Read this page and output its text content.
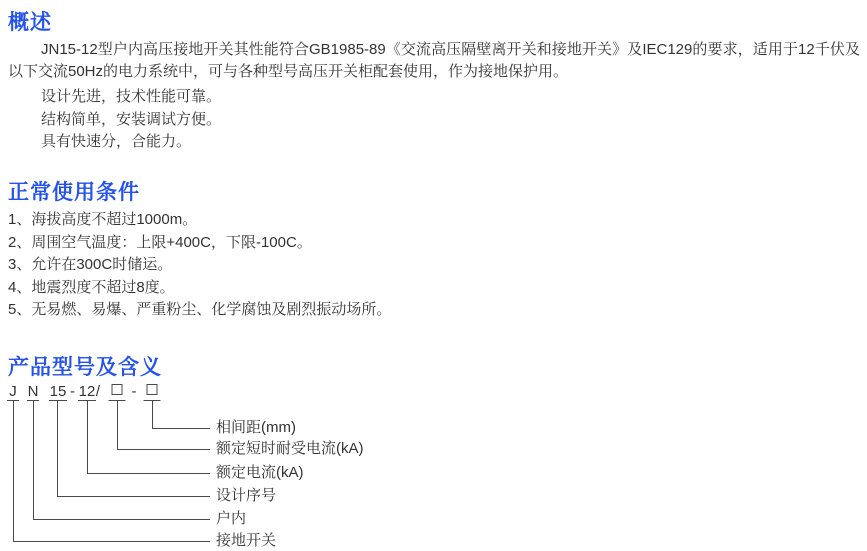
概述
JN15-12型户内高压接地开关其性能符合GB1985-89《交流高压隔壁离开关和接地开关》及IEC129的要求，适用于12千伏及以下交流50Hz的电力系统中，可与各种型号高压开关柜配套使用，作为接地保护用。
设计先进，技术性能可靠。
结构简单，安装调试方便。
具有快速分，合能力。
正常使用条件
1、海拔高度不超过1000m。
2、周围空气温度：上限+400C，下限-100C。
3、允许在300C时储运。
4、地震烈度不超过8度。
5、无易燃、易爆、严重粉尘、化学腐蚀及剧烈振动场所。
产品型号及含义
J N 15 - 12 / -
相间距(mm)
额定短时耐受电流(kA)
额定电流(kA)
设计序号
户内
接地开关
